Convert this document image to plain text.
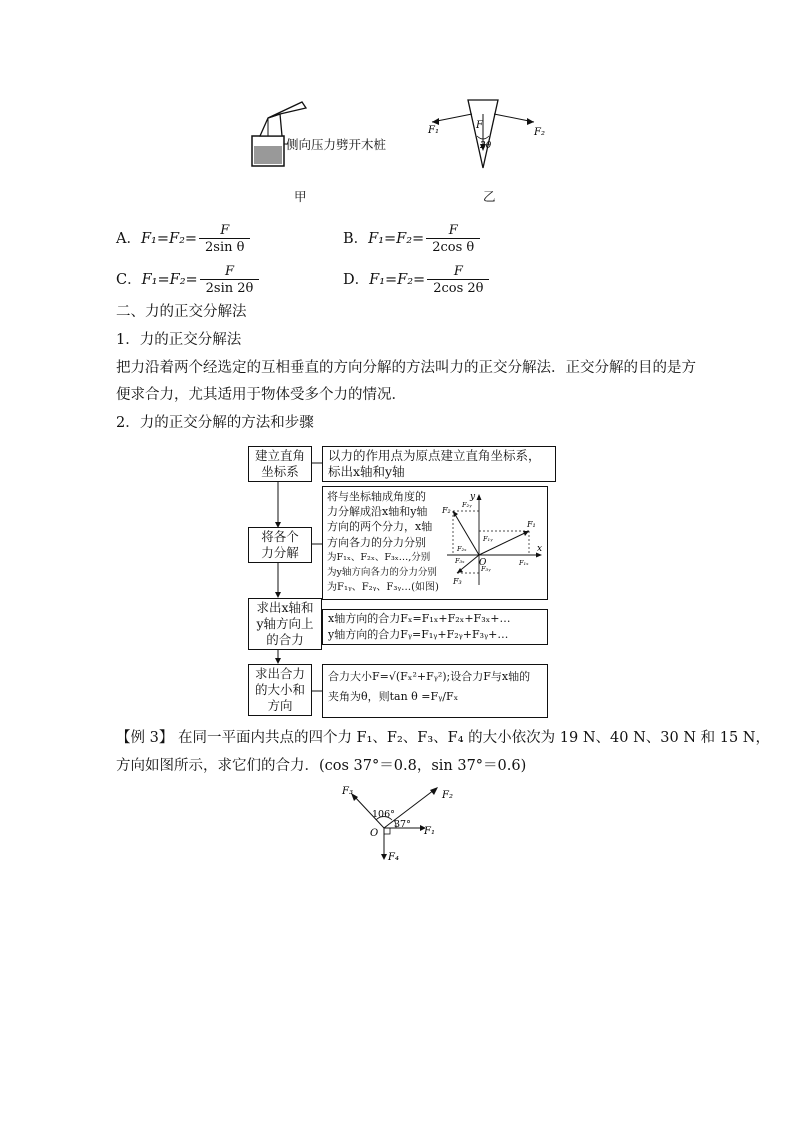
侧向压力劈开木桩
甲
F₁	F₂
F
2θ
乙
A．$F_1=F_2= \frac{F}{\text{2sin θ}}$	B．$F_1=F_2= \frac{F}{\text{2cos θ}}$
C．$F_1=F_2= \frac{F}{2\sin 2\theta}$	D．$F_1=F_2= \frac{F}{2\cos 2\theta}$
二、力的正交分解法
1．力的正交分解法
把力沿着两个经选定的互相垂直的方向分解的方法叫力的正交分解法．正交分解的目的是方
便求合力，尤其适用于物体受多个力的情况．
2．力的正交分解的方法和步骤
建立直角
坐标系
以力的作用点为原点建立直角坐标系，
标出x轴和y轴
将各个
力分解
将与坐标轴成角度的
力分解成沿x轴和y轴
方向的两个分力，x轴
方向各力的分力分别
为F₁ₓ、F₂ₓ、F₃ₓ…,分别
为y轴方向各力的分力分别
为F₁ᵧ、F₂ᵧ、F₃ᵧ…(如图)
y
x
O
F₁
F₂
F₃
F₁ₓ
F₁ᵧ
F₂ₓ
F₂ᵧ
F₃ₓ
F₃ᵧ
求出x轴和
y轴方向上
的合力
x轴方向的合力Fₓ=F₁ₓ+F₂ₓ+F₃ₓ+…
y轴方向的合力Fᵧ=F₁ᵧ+F₂ᵧ+F₃ᵧ+…
求出合力
的大小和
方向
合力大小F=√(Fₓ²+Fᵧ²);设合力F与x轴的
夹角为θ，则tan θ =Fᵧ/Fₓ
【例 3】 在同一平面内共点的四个力 F₁、F₂、F₃、F₄ 的大小依次为 19 N、40 N、30 N 和 15 N，
方向如图所示，求它们的合力．(cos 37°＝0.8，sin 37°＝0.6)
F₁
F₂
F₃
F₄
O
106°
37°
